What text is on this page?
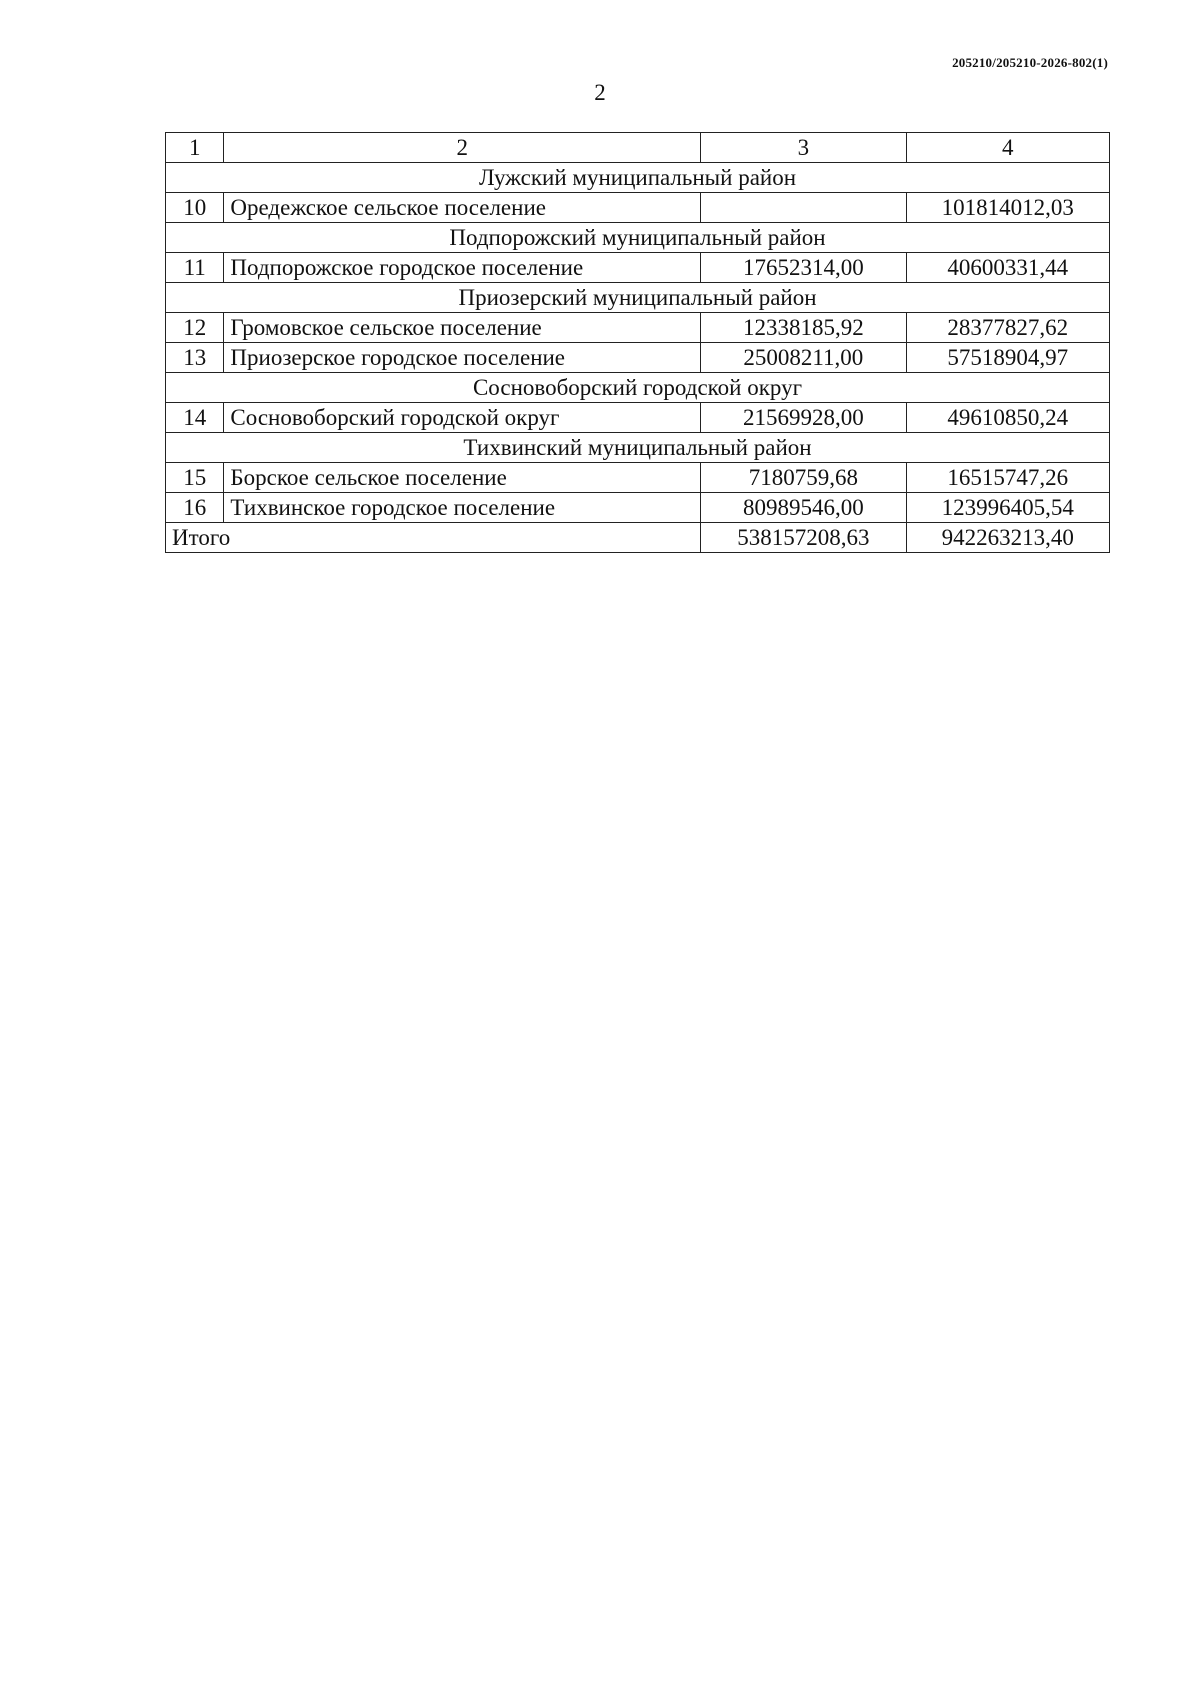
205210/205210-2026-802(1)
2
1	2	3	4
Лужский муниципальный район			
10	Оредежское сельское поселение		101814012,03
Подпорожский муниципальный район			
11	Подпорожское городское поселение	17652314,00	40600331,44
Приозерский муниципальный район			
12	Громовское сельское поселение	12338185,92	28377827,62
13	Приозерское городское поселение	25008211,00	57518904,97
Сосновоборский городской округ			
14	Сосновоборский городской округ	21569928,00	49610850,24
Тихвинский муниципальный район			
15	Борское сельское поселение	7180759,68	16515747,26
16	Тихвинское городское поселение	80989546,00	123996405,54
Итого		538157208,63	942263213,40
